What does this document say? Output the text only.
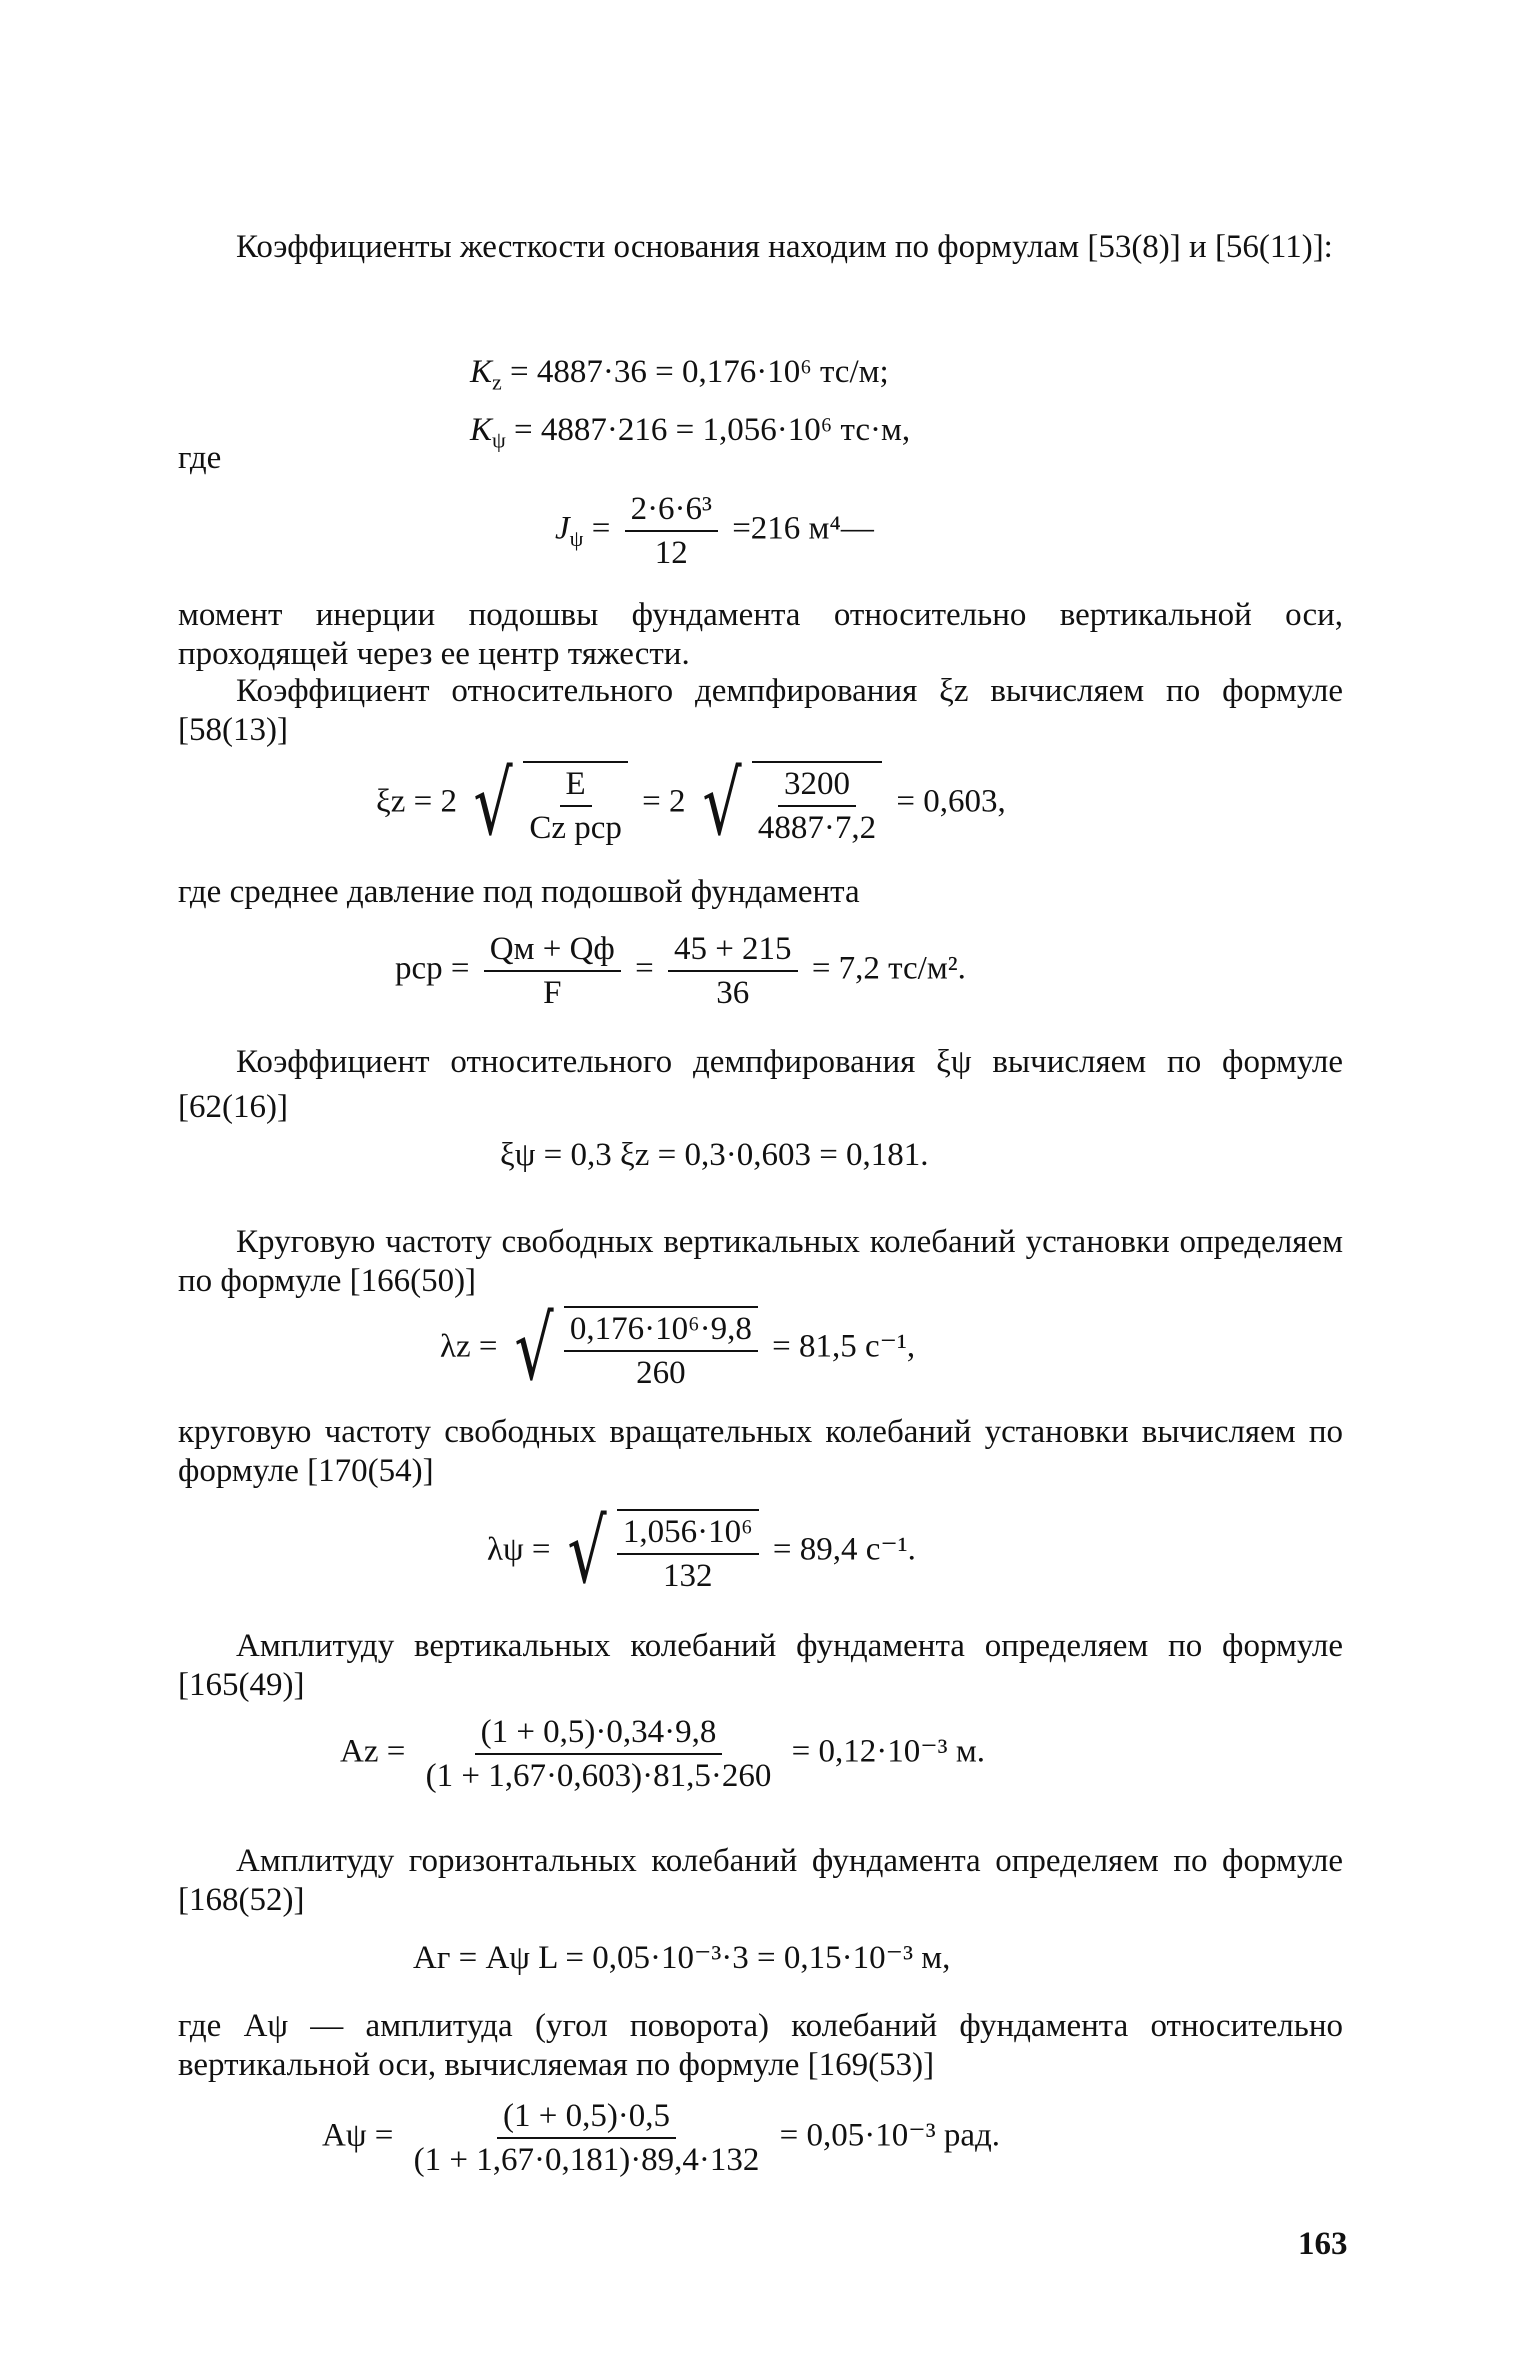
Коэффициенты жесткости основания находим по формулам [53(8)] и [56(11)]:

$K_z = 4887\cdot 36 = 0,176\cdot 10^6$ тс/м;
$K_\psi = 4887\cdot 216 = 1,056\cdot 10^6$ тс·м,
где
$J_\psi = \frac{\text{2·6·6³}}{12} =216$ м⁴—

момент инерции подошвы фундамента относительно вертикальной оси, проходящей через ее центр тяжести.

Коэффициент относительного демпфирования ξz вычисляем по формуле [58(13)]

ξz = 2 √ $\frac{E}{\text{Cz pср}} = 2$ √ $\frac{3200}{4887\cdot 7,2} = 0,603$,

где среднее давление под подошвой фундамента

pср = $\frac{Qм + Qф}{F} = \frac{45 + 215}{36} = 7,2$ тс/м².

Коэффициент относительного демпфирования ξψ вычисляем по формуле [62(16)]

ξψ = 0,3 ξz = 0,3·0,603 = 0,181.

Круговую частоту свободных вертикальных колебаний установки определяем по формуле [166(50)]

λz = √ $\frac{\text{0,176·10⁶·9,8}}{260} = 81,5$ с⁻¹,

круговую частоту свободных вращательных колебаний установки вычисляем по формуле [170(54)]

λψ = √ $\frac{\text{1,056·10⁶}}{132} = 89,4$ с⁻¹.

Амплитуду вертикальных колебаний фундамента определяем по формуле [165(49)]

$Az = \frac{(1 + 0,5)\cdot 0,34\cdot 9,8}{(1 + 1,67\cdot 0,603)\cdot 81,5\cdot 260} = 0,12\cdot 10^{-3}$ м.

Амплитуду горизонтальных колебаний фундамента определяем по формуле [168(52)]

Aг = Aψ L = 0,05·10⁻³·3 = 0,15·10⁻³ м,

где Aψ — амплитуда (угол поворота) колебаний фундамента относительно вертикальной оси, вычисляемая по формуле [169(53)]

$A\psi = \frac{(1 + 0,5)\cdot 0,5}{(1 + 1,67\cdot 0,181)\cdot 89,4\cdot 132} = 0,05\cdot 10^{-3}$ рад.
163
